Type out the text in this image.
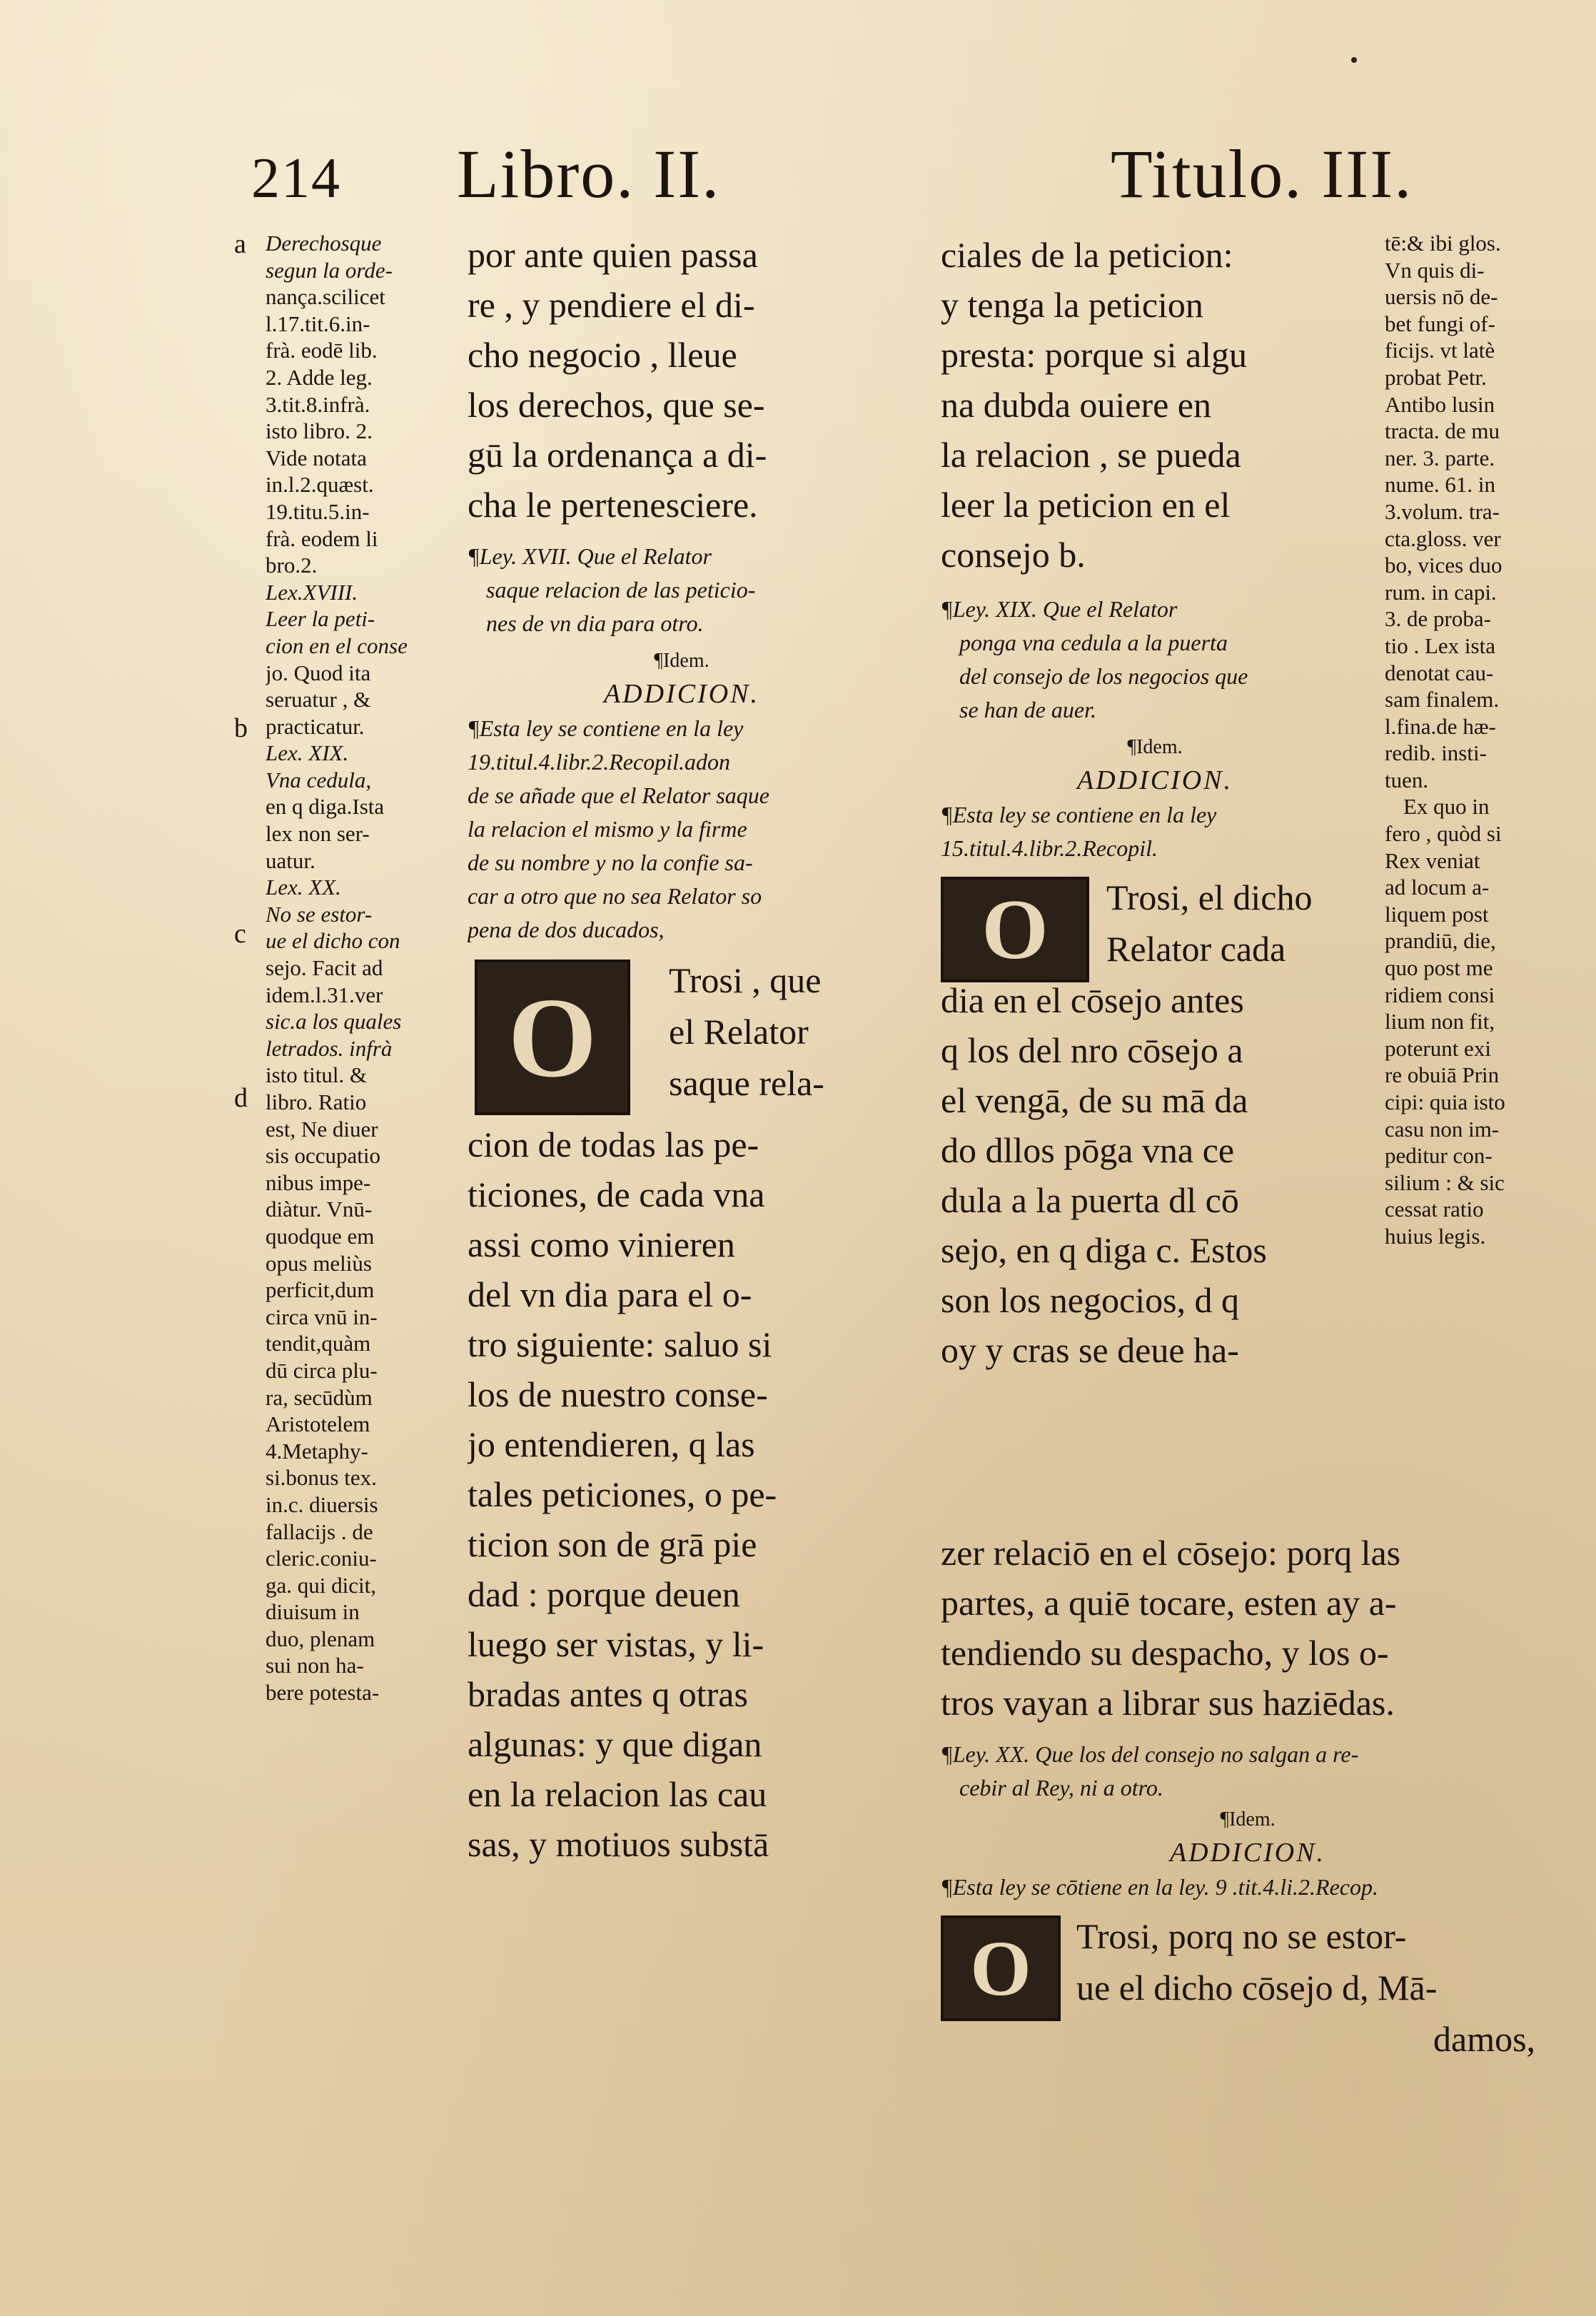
214 Libro. II.	Titulo. III.
Derechosque
segun la orde-
nança.scilicet
l.17.tit.6.in-
frà. eodē lib.
2. Adde leg.
3.tit.8.infrà.
isto libro. 2.
Vide notata
in.l.2.quæst.
19.titu.5.in-
frà. eodem li
bro.2.
Lex.XVIII.
Leer la peti-
cion en el conse
jo. Quod ita
seruatur , &
practicatur.
Lex. XIX.
Vna cedula,
en q diga.Ista
lex non ser-
uatur.
Lex. XX.
No se estor-
ue el dicho con
sejo. Facit ad
idem.l.31.ver
sic.a los quales
letrados. infrà
isto titul. &
libro. Ratio
est, Ne diuer
sis occupatio
nibus impe-
diàtur. Vnū-
quodque em
opus meliùs
perficit,dum
circa vnū in-
tendit,quàm
dū circa plu-
ra, secūdùm
Aristotelem
4.Metaphy-
si.bonus tex.
in.c. diuersis
fallacijs . de
cleric.coniu-
ga. qui dicit,
diuisum in
duo, plenam
sui non ha-
bere potesta-
a
b
c
d
por ante quien passa
re , y pendiere el di-
cho negocio , lleue
los derechos, que se-
gū la ordenança a di-
cha le pertenesciere.
¶Ley. XVII. Que el Relator
saque relacion de las peticio-
nes de vn dia para otro.
¶Idem.
ADDICION.
¶Esta ley se contiene en la ley
19.titul.4.libr.2.Recopil.adon
de se añade que el Relator saque
la relacion el mismo y la firme
de su nombre y no la confie sa-
car a otro que no sea Relator so
pena de dos ducados,
O Trosi , que
el Relator
saque rela-
cion de todas las pe-
ticiones, de cada vna
assi como vinieren
del vn dia para el o-
tro siguiente: saluo si
los de nuestro conse-
jo entendieren, q las
tales peticiones, o pe-
ticion son de grā pie
dad : porque deuen
luego ser vistas, y li-
bradas antes q otras
algunas: y que digan
en la relacion las cau
sas, y motiuos substā
ciales de la peticion:
y tenga la peticion
presta: porque si algu
na dubda ouiere en
la relacion , se pueda
leer la peticion en el
consejo b.
¶Ley. XIX. Que el Relator
ponga vna cedula a la puerta
del consejo de los negocios que
se han de auer.
¶Idem.
ADDICION.
¶Esta ley se contiene en la ley
15.titul.4.libr.2.Recopil.
O Trosi, el dicho
Relator cada
dia en el cōsejo antes
q los del nro cōsejo a
el vengā, de su mā da
do dllos pōga vna ce
dula a la puerta dl cō
sejo, en q diga c. Estos
son los negocios, d q
oy y cras se deue ha-
zer relaciō en el cōsejo: porq las
partes, a quiē tocare, esten ay a-
tendiendo su despacho, y los o-
tros vayan a librar sus haziēdas.
¶Ley. XX. Que los del consejo no salgan a re-
cebir al Rey, ni a otro.
¶Idem.
ADDICION.
¶Esta ley se cōtiene en la ley. 9 .tit.4.li.2.Recop.
O Trosi, porq no se estor-
ue el dicho cōsejo d, Mā-
damos,
tē:& ibi glos.
Vn quis di-
uersis nō de-
bet fungi of-
ficijs. vt latè
probat Petr.
Antibo lusin
tracta. de mu
ner. 3. parte.
nume. 61. in
3.volum. tra-
cta.gloss. ver
bo, vices duo
rum. in capi.
3. de proba-
tio . Lex ista
denotat cau-
sam finalem.
l.fina.de hæ-
redib. insti-
tuen.
Ex quo in
fero , quòd si
Rex veniat
ad locum a-
liquem post
prandiū, die,
quo post me
ridiem consi
lium non fit,
poterunt exi
re obuiā Prin
cipi: quia isto
casu non im-
peditur con-
silium : & sic
cessat ratio
huius legis.
